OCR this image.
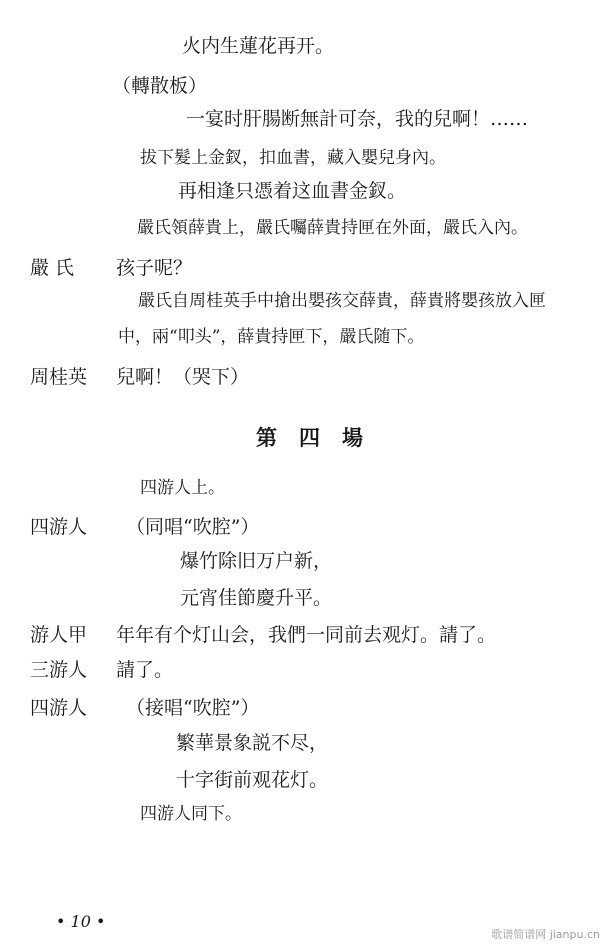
火内生蓮花再开。
（轉散板）
一宴时肝腸断無計可奈，我的兒啊！……
拔下髮上金釵，扣血書，藏入嬰兒身內。
再相逢只憑着这血書金釵。
嚴氏領薛貴上，嚴氏囑薛貴持匣在外面，嚴氏入內。
嚴 氏 孩子呢？
嚴氏自周桂英手中搶出嬰孩交薛貴，薛貴將嬰孩放入匣
中，兩“叩头”，薛貴持匣下，嚴氏随下。
周桂英 兒啊！（哭下）
第四場
四游人上。
四游人 （同唱“吹腔”）
爆竹除旧万户新，
元宵佳節慶升平。
游人甲 年年有个灯山会，我們一同前去观灯。請了。
三游人 請了。
四游人 （接唱“吹腔”）
繁華景象説不尽，
十字街前观花灯。
四游人同下。
• 10 •
歌谱简谱网 jianpu.cn
